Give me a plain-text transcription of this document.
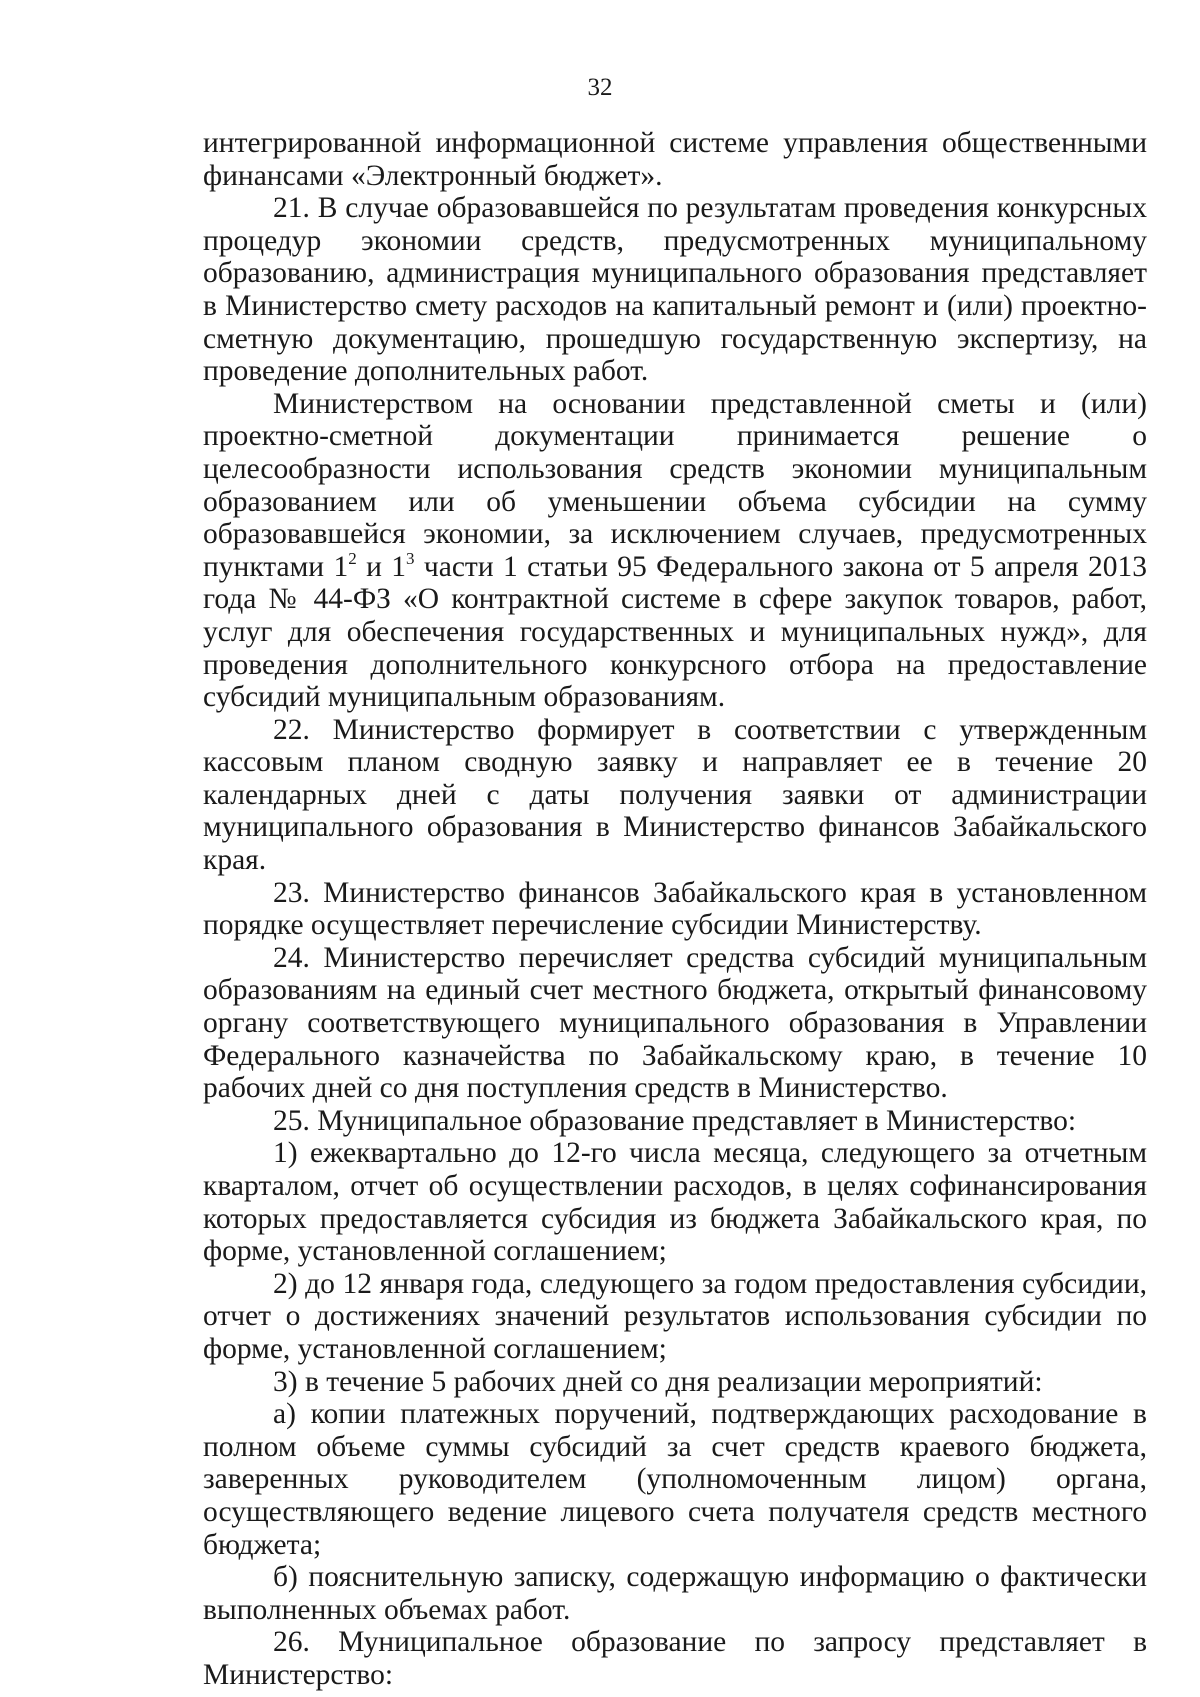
32

интегрированной информационной системе управления общественными финансами «Электронный бюджет».

21. В случае образовавшейся по результатам проведения конкурсных процедур экономии средств, предусмотренных муниципальному образованию, администрация муниципального образования представляет в Министерство смету расходов на капитальный ремонт и (или) проектно-сметную документацию, прошедшую государственную экспертизу, на проведение дополнительных работ.

Министерством на основании представленной сметы и (или) проектно-сметной документации принимается решение о целесообразности использования средств экономии муниципальным образованием или об уменьшении объема субсидии на сумму образовавшейся экономии, за исключением случаев, предусмотренных пунктами $1^2$ и $1^3$ части 1 статьи 95 Федерального закона от 5 апреля 2013 года № 44-ФЗ «О контрактной системе в сфере закупок товаров, работ, услуг для обеспечения государственных и муниципальных нужд», для проведения дополнительного конкурсного отбора на предоставление субсидий муниципальным образованиям.

22. Министерство формирует в соответствии с утвержденным кассовым планом сводную заявку и направляет ее в течение 20 календарных дней с даты получения заявки от администрации муниципального образования в Министерство финансов Забайкальского края.

23. Министерство финансов Забайкальского края в установленном порядке осуществляет перечисление субсидии Министерству.

24. Министерство перечисляет средства субсидий муниципальным образованиям на единый счет местного бюджета, открытый финансовому органу соответствующего муниципального образования в Управлении Федерального казначейства по Забайкальскому краю, в течение 10 рабочих дней со дня поступления средств в Министерство.

25. Муниципальное образование представляет в Министерство:

1) ежеквартально до 12-го числа месяца, следующего за отчетным кварталом, отчет об осуществлении расходов, в целях софинансирования которых предоставляется субсидия из бюджета Забайкальского края, по форме, установленной соглашением;

2) до 12 января года, следующего за годом предоставления субсидии, отчет о достижениях значений результатов использования субсидии по форме, установленной соглашением;

3) в течение 5 рабочих дней со дня реализации мероприятий:

а) копии платежных поручений, подтверждающих расходование в полном объеме суммы субсидий за счет средств краевого бюджета, заверенных руководителем (уполномоченным лицом) органа, осуществляющего ведение лицевого счета получателя средств местного бюджета;

б) пояснительную записку, содержащую информацию о фактически выполненных объемах работ.

26. Муниципальное образование по запросу представляет в Министерство:
